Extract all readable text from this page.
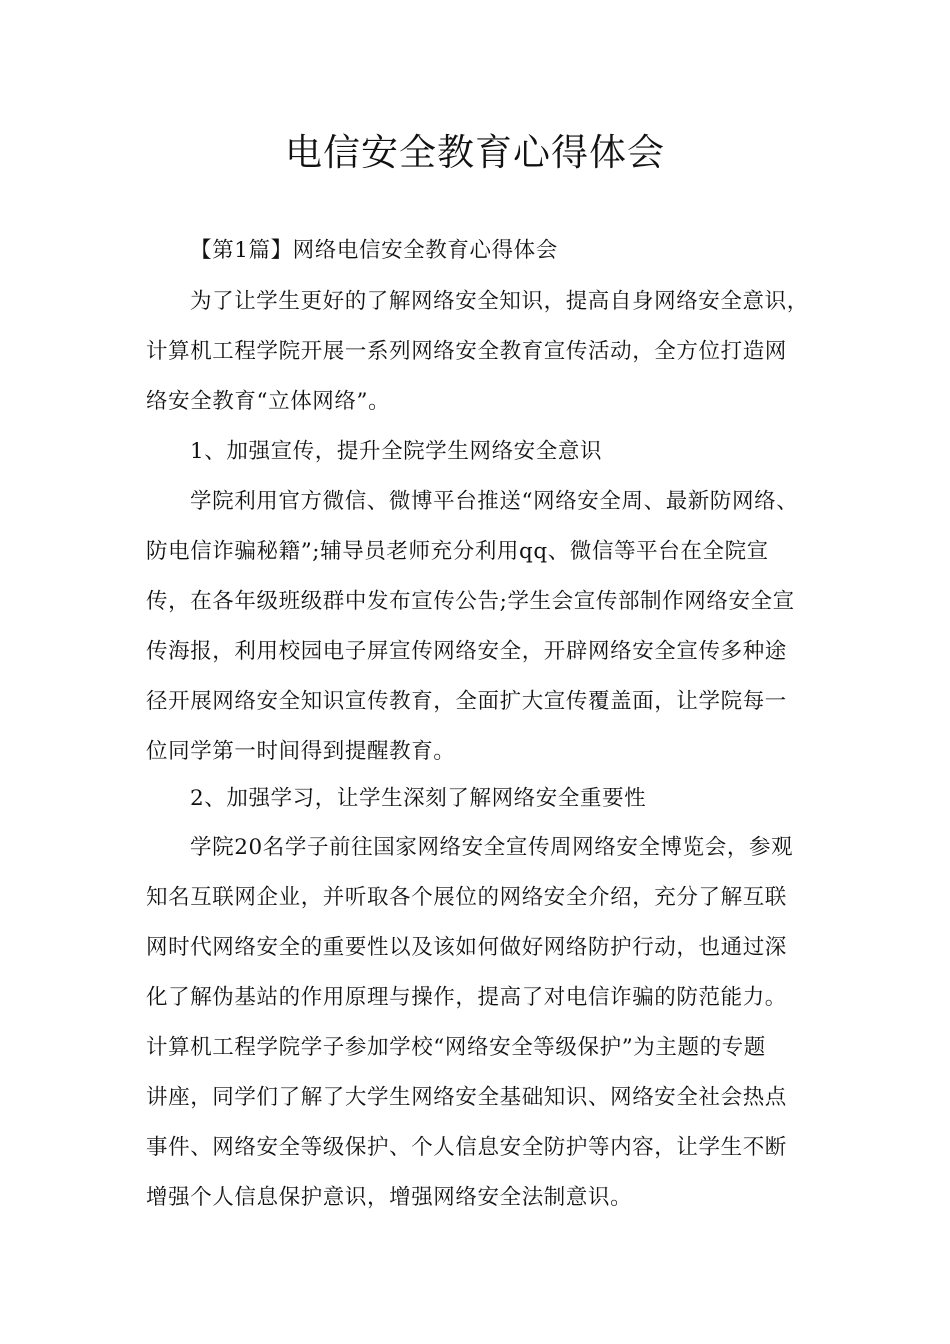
电信安全教育心得体会

【第1篇】网络电信安全教育心得体会

为了让学生更好的了解网络安全知识，提高自身网络安全意识，

计算机工程学院开展一系列网络安全教育宣传活动，全方位打造网

络安全教育“立体网络”。

1、加强宣传，提升全院学生网络安全意识

学院利用官方微信、微博平台推送“网络安全周、最新防网络、

防电信诈骗秘籍”;辅导员老师充分利用qq、微信等平台在全院宣

传，在各年级班级群中发布宣传公告;学生会宣传部制作网络安全宣

传海报，利用校园电子屏宣传网络安全，开辟网络安全宣传多种途

径开展网络安全知识宣传教育，全面扩大宣传覆盖面，让学院每一

位同学第一时间得到提醒教育。

2、加强学习，让学生深刻了解网络安全重要性

学院20名学子前往国家网络安全宣传周网络安全博览会，参观

知名互联网企业，并听取各个展位的网络安全介绍，充分了解互联

网时代网络安全的重要性以及该如何做好网络防护行动，也通过深

化了解伪基站的作用原理与操作，提高了对电信诈骗的防范能力。

计算机工程学院学子参加学校“网络安全等级保护”为主题的专题

讲座，同学们了解了大学生网络安全基础知识、网络安全社会热点

事件、网络安全等级保护、个人信息安全防护等内容，让学生不断

增强个人信息保护意识，增强网络安全法制意识。
